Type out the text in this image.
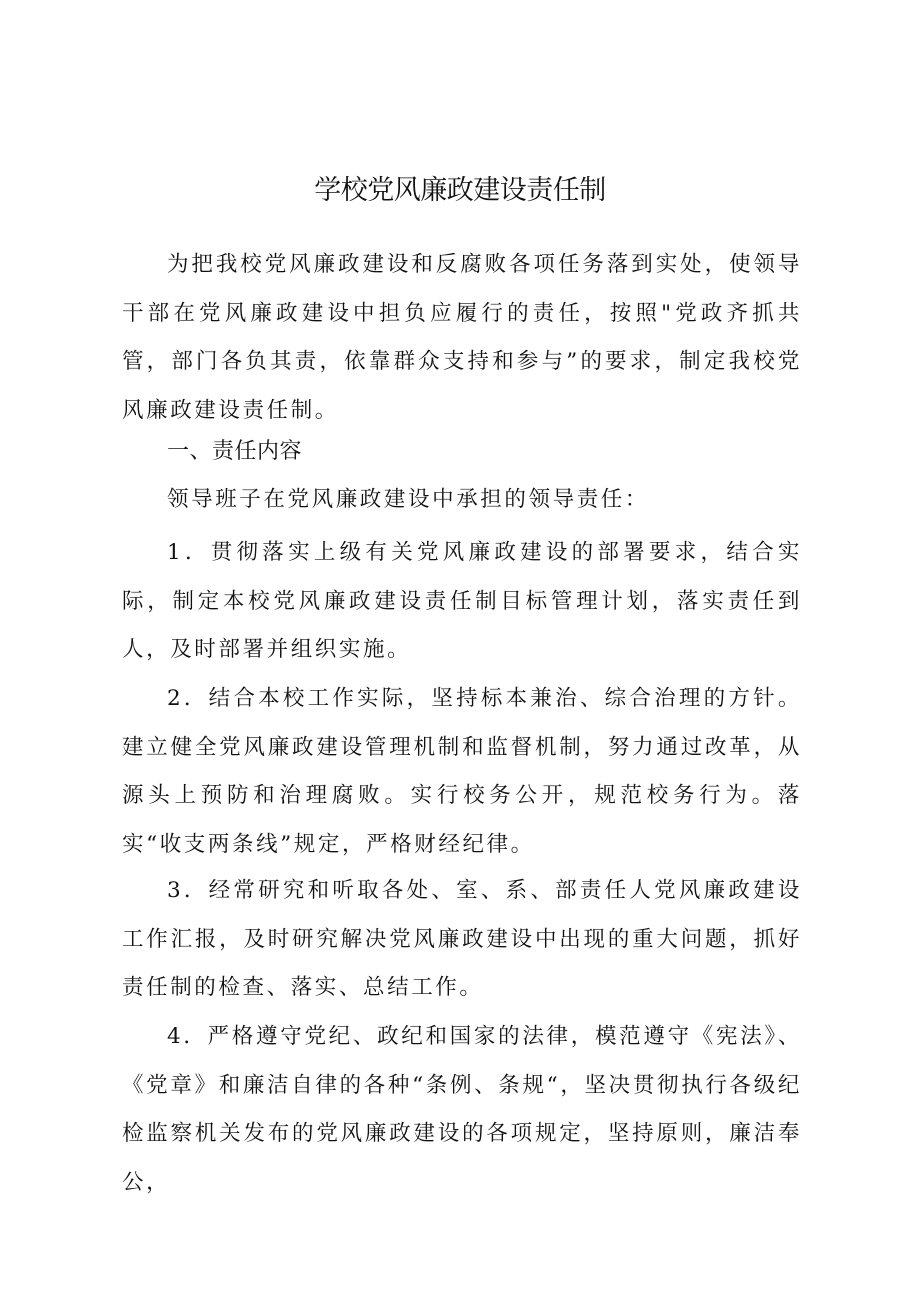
学校党风廉政建设责任制

为把我校党风廉政建设和反腐败各项任务落到实处，使领导干部在党风廉政建设中担负应履行的责任，按照"党政齐抓共管，部门各负其责，依靠群众支持和参与”的要求，制定我校党风廉政建设责任制。

一、责任内容

领导班子在党风廉政建设中承担的领导责任：

1．贯彻落实上级有关党风廉政建设的部署要求，结合实际，制定本校党风廉政建设责任制目标管理计划，落实责任到人，及时部署并组织实施。

2．结合本校工作实际，坚持标本兼治、综合治理的方针。建立健全党风廉政建设管理机制和监督机制，努力通过改革，从源头上预防和治理腐败。实行校务公开，规范校务行为。落实“收支两条线”规定，严格财经纪律。

3．经常研究和听取各处、室、系、部责任人党风廉政建设工作汇报，及时研究解决党风廉政建设中出现的重大问题，抓好责任制的检查、落实、总结工作。

4．严格遵守党纪、政纪和国家的法律，模范遵守《宪法》、《党章》和廉洁自律的各种“条例、条规“，坚决贯彻执行各级纪检监察机关发布的党风廉政建设的各项规定，坚持原则，廉洁奉公，
